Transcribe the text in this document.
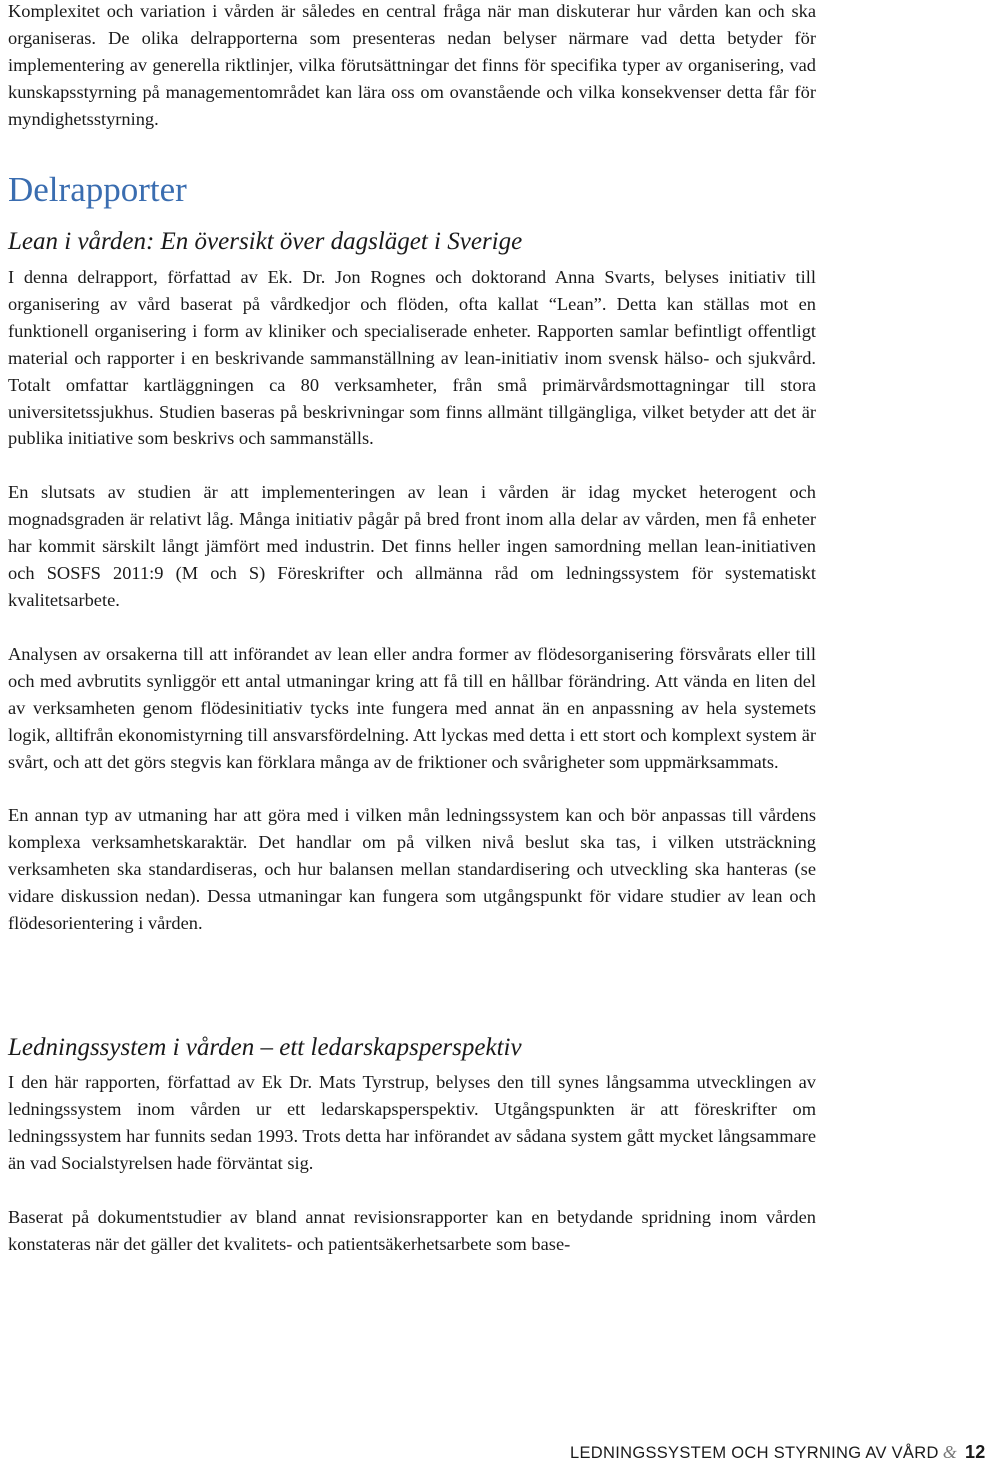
Komplexitet och variation i vården är således en central fråga när man diskuterar hur vården kan och ska organiseras. De olika delrapporterna som presenteras nedan belyser närmare vad detta betyder för implementering av generella riktlinjer, vilka förutsättningar det finns för specifika typer av organisering, vad kunskapsstyrning på managementområdet kan lära oss om ovanstående och vilka konsekvenser detta får för myndighetsstyrning.

Delrapporter
Lean i vården: En översikt över dagsläget i Sverige

I denna delrapport, författad av Ek. Dr. Jon Rognes och doktorand Anna Svarts, belyses initiativ till organisering av vård baserat på vårdkedjor och flöden, ofta kallat “Lean”. Detta kan ställas mot en funktionell organisering i form av kliniker och specialiserade enheter. Rapporten samlar befintligt offentligt material och rapporter i en beskrivande sammanställning av lean-initiativ inom svensk hälso- och sjukvård. Totalt omfattar kartläggningen ca 80 verksamheter, från små primärvårdsmottagningar till stora universitetssjukhus. Studien baseras på beskrivningar som finns allmänt tillgängliga, vilket betyder att det är publika initiative som beskrivs och sammanställs.

En slutsats av studien är att implementeringen av lean i vården är idag mycket heterogent och mognadsgraden är relativt låg. Många initiativ pågår på bred front inom alla delar av vården, men få enheter har kommit särskilt långt jämfört med industrin. Det finns heller ingen samordning mellan lean-initiativen och SOSFS 2011:9 (M och S) Föreskrifter och allmänna råd om ledningssystem för systematiskt kvalitetsarbete.

Analysen av orsakerna till att införandet av lean eller andra former av flödesorganisering försvårats eller till och med avbrutits synliggör ett antal utmaningar kring att få till en hållbar förändring. Att vända en liten del av verksamheten genom flödesinitiativ tycks inte fungera med annat än en anpassning av hela systemets logik, alltifrån ekonomistyrning till ansvarsfördelning. Att lyckas med detta i ett stort och komplext system är svårt, och att det görs stegvis kan förklara många av de friktioner och svårigheter som uppmärksammats.

En annan typ av utmaning har att göra med i vilken mån ledningssystem kan och bör anpassas till vårdens komplexa verksamhetskaraktär. Det handlar om på vilken nivå beslut ska tas, i vilken utsträckning verksamheten ska standardiseras, och hur balansen mellan standardisering och utveckling ska hanteras (se vidare diskussion nedan). Dessa utmaningar kan fungera som utgångspunkt för vidare studier av lean och flödesorientering i vården.

Ledningssystem i vården – ett ledarskapsperspektiv

I den här rapporten, författad av Ek Dr. Mats Tyrstrup, belyses den till synes långsamma utvecklingen av ledningssystem inom vården ur ett ledarskapsperspektiv. Utgångspunkten är att föreskrifter om ledningssystem har funnits sedan 1993. Trots detta har införandet av sådana system gått mycket långsammare än vad Socialstyrelsen hade förväntat sig.

Baserat på dokumentstudier av bland annat revisionsrapporter kan en betydande spridning inom vården konstateras när det gäller det kvalitets- och patientsäkerhetsarbete som base-

LEDNINGSSYSTEM OCH STYRNING AV VÅRD & 12
